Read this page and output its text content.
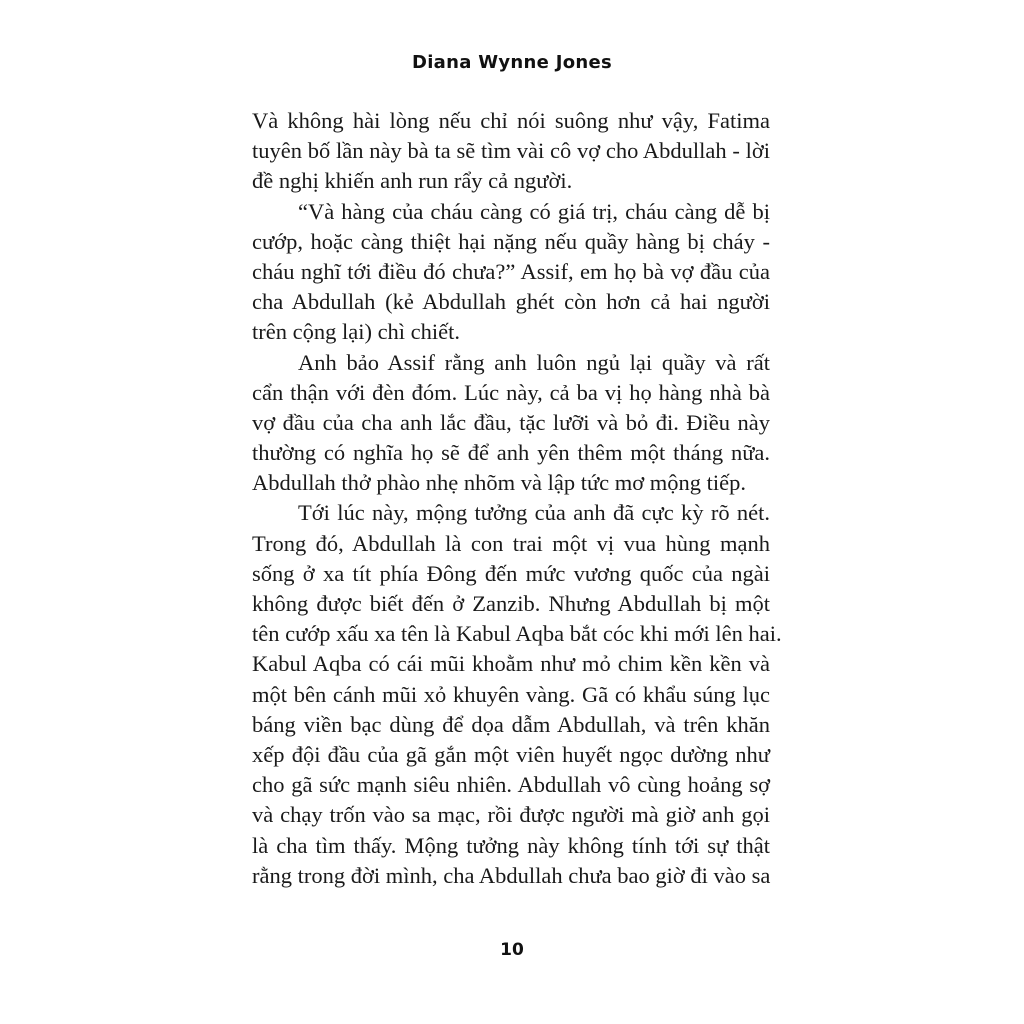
Diana Wynne Jones
Và không hài lòng nếu chỉ nói suông như vậy, Fatima
tuyên bố lần này bà ta sẽ tìm vài cô vợ cho Abdullah - lời
đề nghị khiến anh run rẩy cả người.
“Và hàng của cháu càng có giá trị, cháu càng dễ bị
cướp, hoặc càng thiệt hại nặng nếu quầy hàng bị cháy -
cháu nghĩ tới điều đó chưa?” Assif, em họ bà vợ đầu của
cha Abdullah (kẻ Abdullah ghét còn hơn cả hai người
trên cộng lại) chì chiết.
Anh bảo Assif rằng anh luôn ngủ lại quầy và rất
cẩn thận với đèn đóm. Lúc này, cả ba vị họ hàng nhà bà
vợ đầu của cha anh lắc đầu, tặc lưỡi và bỏ đi. Điều này
thường có nghĩa họ sẽ để anh yên thêm một tháng nữa.
Abdullah thở phào nhẹ nhõm và lập tức mơ mộng tiếp.
Tới lúc này, mộng tưởng của anh đã cực kỳ rõ nét.
Trong đó, Abdullah là con trai một vị vua hùng mạnh
sống ở xa tít phía Đông đến mức vương quốc của ngài
không được biết đến ở Zanzib. Nhưng Abdullah bị một
tên cướp xấu xa tên là Kabul Aqba bắt cóc khi mới lên hai.
Kabul Aqba có cái mũi khoằm như mỏ chim kền kền và
một bên cánh mũi xỏ khuyên vàng. Gã có khẩu súng lục
báng viền bạc dùng để dọa dẫm Abdullah, và trên khăn
xếp đội đầu của gã gắn một viên huyết ngọc dường như
cho gã sức mạnh siêu nhiên. Abdullah vô cùng hoảng sợ
và chạy trốn vào sa mạc, rồi được người mà giờ anh gọi
là cha tìm thấy. Mộng tưởng này không tính tới sự thật
rằng trong đời mình, cha Abdullah chưa bao giờ đi vào sa
10
